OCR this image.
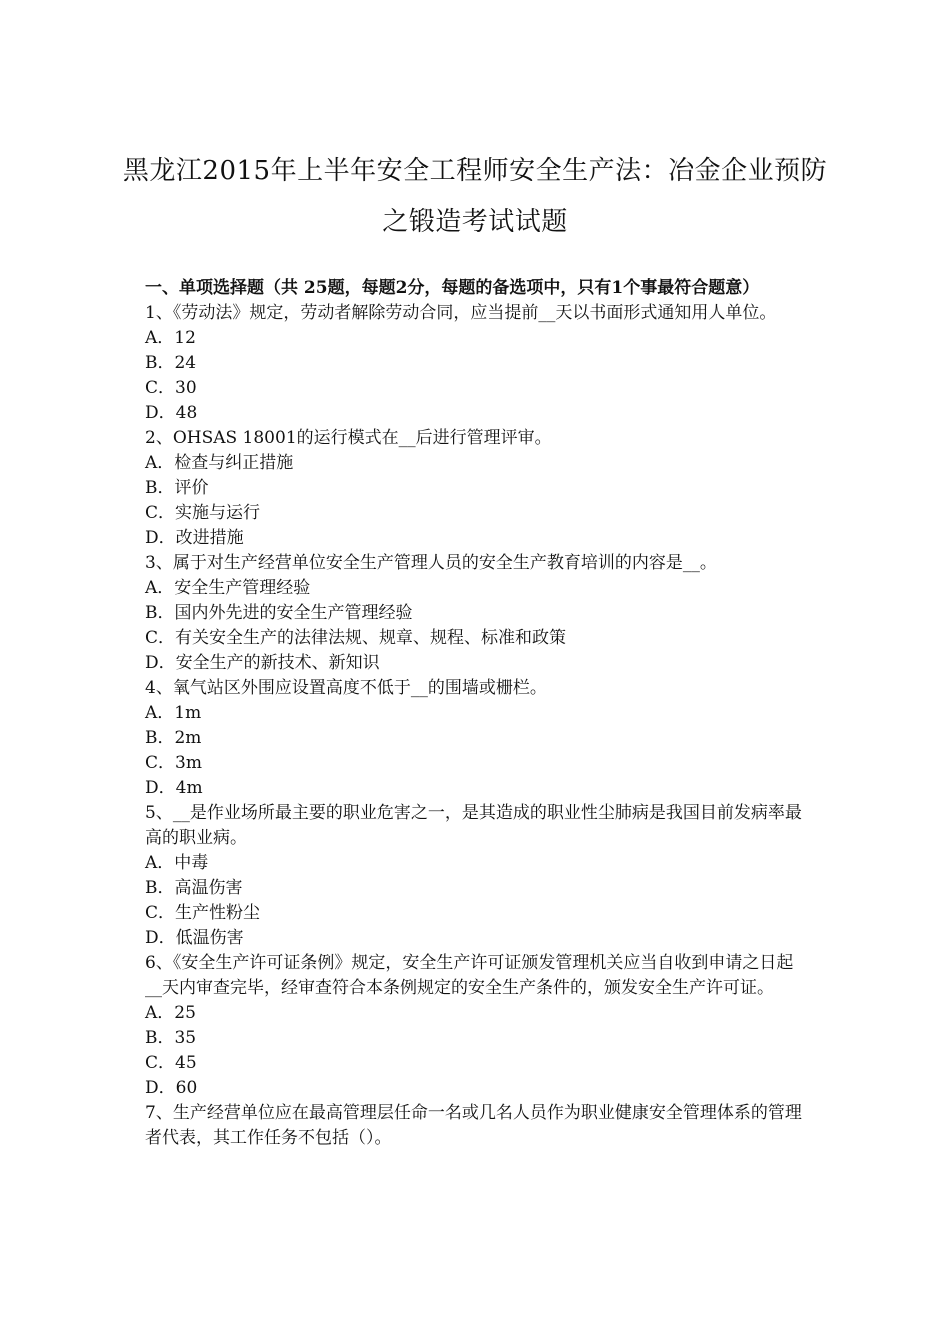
黑龙江2015年上半年安全工程师安全生产法：冶金企业预防之锻造考试试题

一、单项选择题（共 25题，每题2分，每题的备选项中，只有1个事最符合题意）

1、《劳动法》规定，劳动者解除劳动合同，应当提前__天以书面形式通知用人单位。

A．12

B．24

C．30

D．48

2、OHSAS 18001的运行模式在__后进行管理评审。

A．检查与纠正措施

B．评价

C．实施与运行

D．改进措施

3、属于对生产经营单位安全生产管理人员的安全生产教育培训的内容是__。

A．安全生产管理经验

B．国内外先进的安全生产管理经验

C．有关安全生产的法律法规、规章、规程、标准和政策

D．安全生产的新技术、新知识

4、氧气站区外围应设置高度不低于__的围墙或栅栏。

A．1m

B．2m

C．3m

D．4m

5、__是作业场所最主要的职业危害之一，是其造成的职业性尘肺病是我国目前发病率最高的职业病。

A．中毒

B．高温伤害

C．生产性粉尘

D．低温伤害

6、《安全生产许可证条例》规定，安全生产许可证颁发管理机关应当自收到申请之日起__天内审查完毕，经审查符合本条例规定的安全生产条件的，颁发安全生产许可证。

A．25

B．35

C．45

D．60

7、生产经营单位应在最高管理层任命一名或几名人员作为职业健康安全管理体系的管理者代表，其工作任务不包括（）。
